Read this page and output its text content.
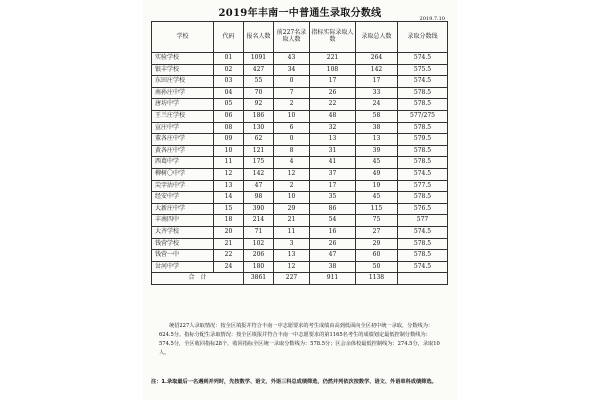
2019年丰南一中普通生录取分数线	2019.7.10
学校	代码	报名人数	前227名录取人数	指标实际录取人数	录取总人数	录取分数线
实验学校	01	1091	43	221	264	574.5
银丰学校	02	427	34	108	142	575.5
东田庄学校	03	55	0	17	17	574.5
南孙庄中学	04	70	7	26	33	578.5
唐坊中学	05	92	2	22	24	578.5
王兰庄学校	06	186	10	48	58	577/275
宣庄中学	08	130	6	32	38	578.5
董各庄中学	09	62	0	13	13	579.5
黄各庄中学	10	121	8	31	39	578.5
西葛中学	11	175	4	41	45	578.5
柳树〇中学	12	142	12	37	49	574.5
尖字沽中学	13	47	2	17	19	577.5
经安中学	14	98	10	35	45	578.5
大新庄中学	15	390	29	86	115	576.5
丰南四中	18	214	21	54	75	577
大齐学校	20	71	11	16	27	574.5
钱营学校	21	102	3	26	29	578.5
钱营一中	22	206	13	47	60	578.5
岔河中学	24	180	12	38	50	574.5
合　计		3861	227	911	1138	
统招227人录取情况：按全区填报并符合丰南一中志愿要求的考生成绩由高到低面向全区初中统一录取，分数线为：624.5分。指标分配生录取情况：按全区填报并符合丰南一中志愿要求的第1165名考生的成绩划定最低控制分数线为：574.5分，全区收回指标28个，收回指标全区统一录取分数线为：578.5分；区会余体校最低控制线为：274.5分，录取10人。
注：1.录取最后一名遇到并列时，先按数学、语文、外语三科总成绩筛选，仍然并列依次按数学、语文、外语单科成绩筛选。
